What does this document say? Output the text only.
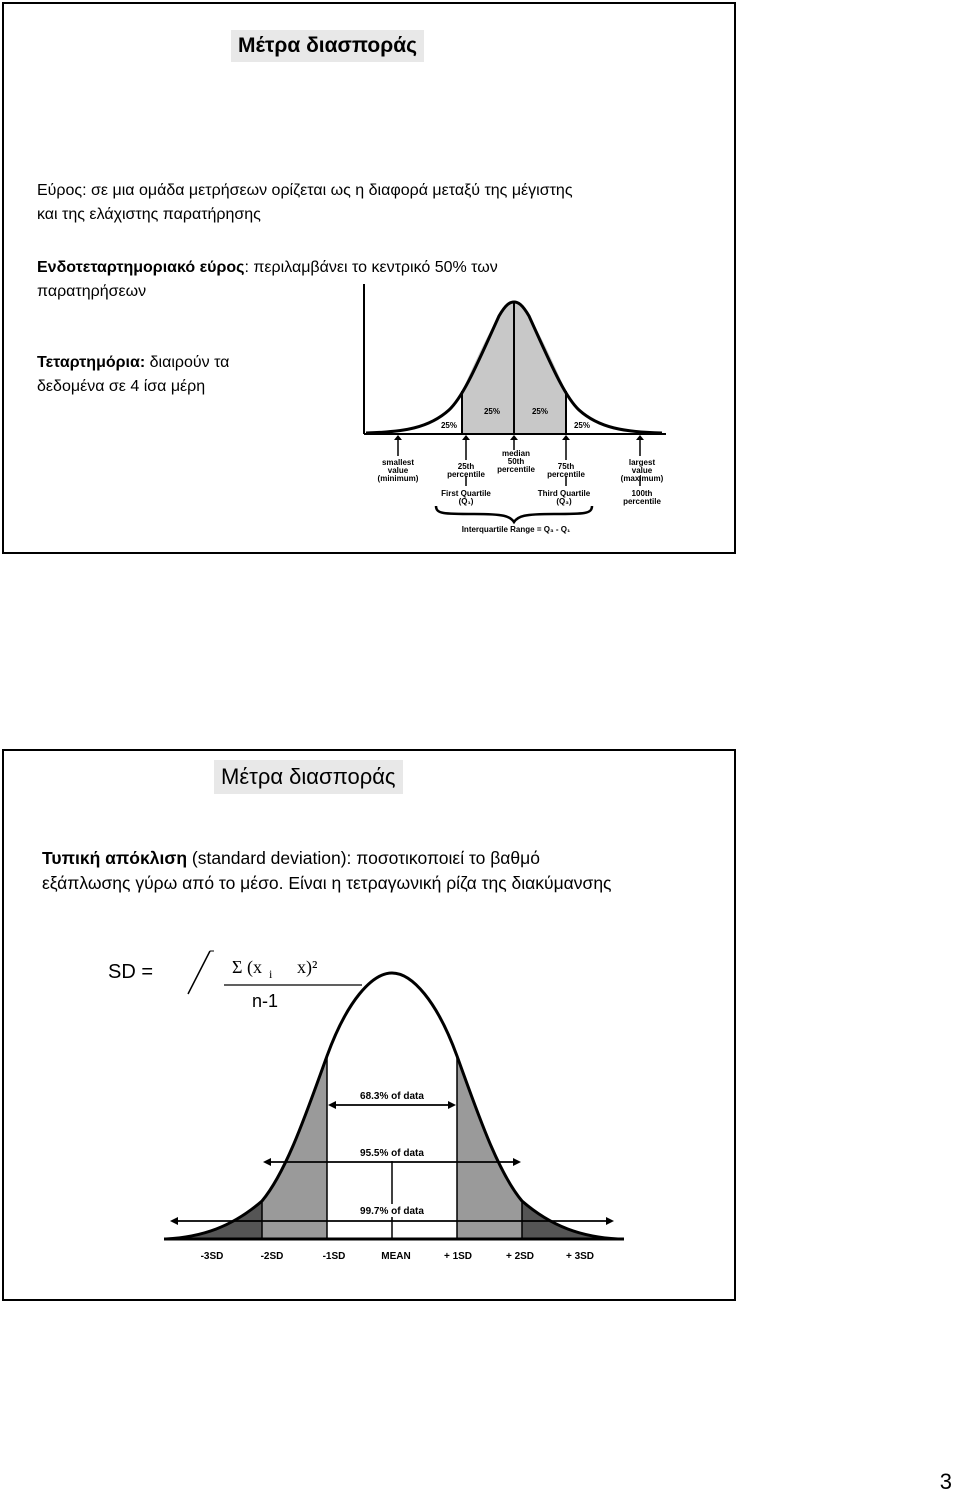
Μέτρα διασποράς
Εύρος: σε μια ομάδα μετρήσεων ορίζεται ως η διαφορά μεταξύ της μέγιστης
και της ελάχιστης παρατήρησης
Ενδοτεταρτημοριακό εύρος: περιλαμβάνει το κεντρικό 50% των
παρατηρήσεων
Τεταρτημόρια: διαιρούν τα
δεδομένα σε 4 ίσα μέρη
25%
25%	25%
25%
smallest
value
(minimum)
25th
percentile
median
50th
percentile	75th
percentile
largest
value
(maximum)
First Quartile
(Q₁)
Third Quartile
(Q₃)
100th
percentile
Interquartile Range = Q₃ - Q₁
Μέτρα διασποράς
Τυπική απόκλιση (standard deviation): ποσοτικοποιεί το βαθμό
εξάπλωσης γύρω από το μέσο. Είναι η τετραγωνική ρίζα της διακύμανσης
SD =	Σ (x i x)²
n-1
68.3% of data
95.5% of data
99.7% of data
-3SD	-2SD	-1SD	MEAN	+ 1SD	+ 2SD	+ 3SD
3
